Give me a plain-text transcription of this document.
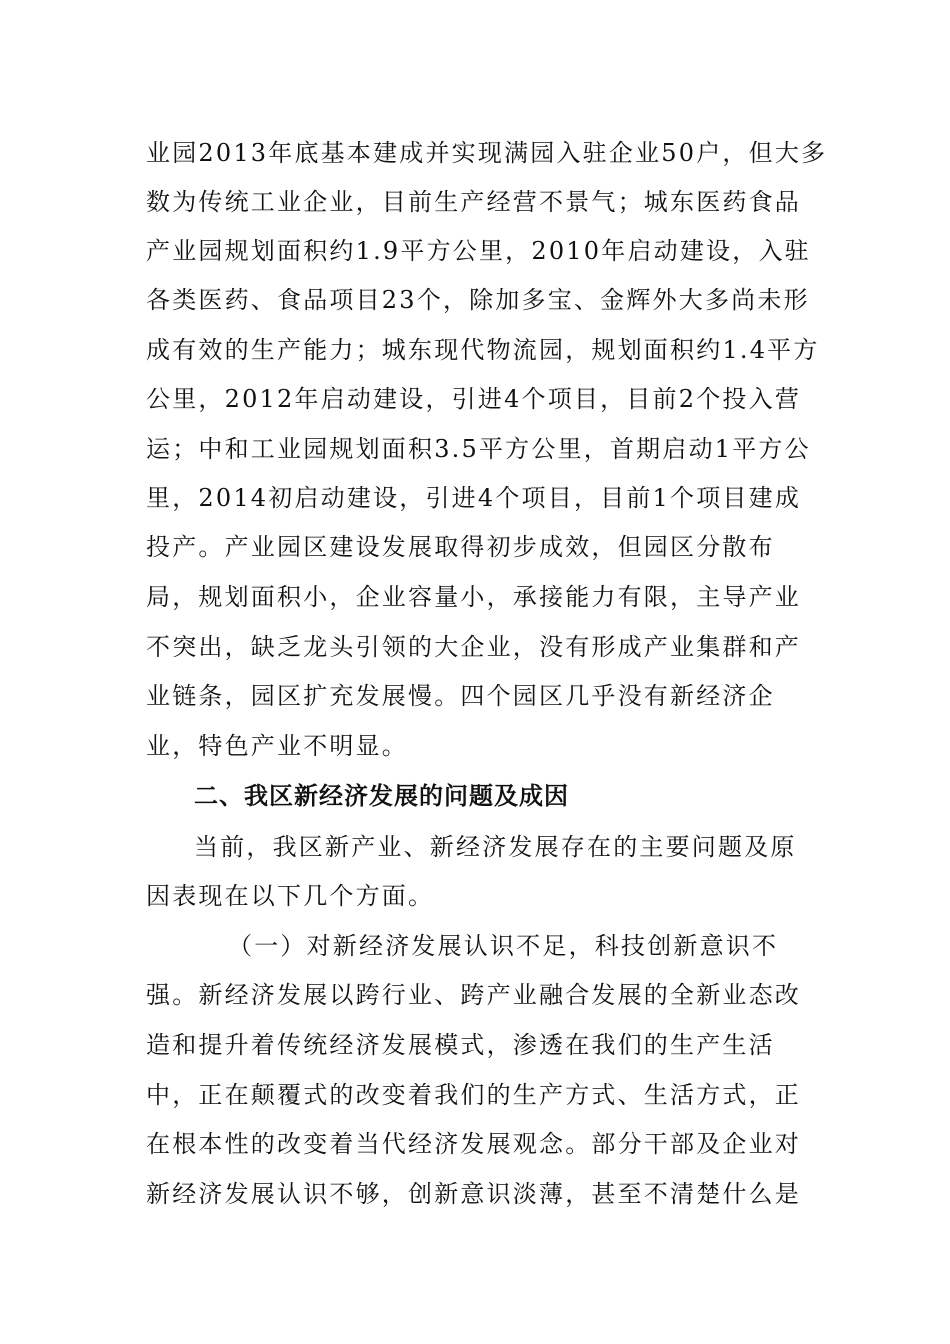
业园2013年底基本建成并实现满园入驻企业50户，但大多
数为传统工业企业，目前生产经营不景气；城东医药食品
产业园规划面积约1.9平方公里，2010年启动建设，入驻
各类医药、食品项目23个，除加多宝、金辉外大多尚未形
成有效的生产能力；城东现代物流园，规划面积约1.4平方
公里，2012年启动建设，引进4个项目，目前2个投入营
运；中和工业园规划面积3.5平方公里，首期启动1平方公
里，2014初启动建设，引进4个项目，目前1个项目建成
投产。产业园区建设发展取得初步成效，但园区分散布
局，规划面积小，企业容量小，承接能力有限，主导产业
不突出，缺乏龙头引领的大企业，没有形成产业集群和产
业链条，园区扩充发展慢。四个园区几乎没有新经济企
业，特色产业不明显。
二、我区新经济发展的问题及成因
当前，我区新产业、新经济发展存在的主要问题及原
因表现在以下几个方面。
（一）对新经济发展认识不足，科技创新意识不
强。新经济发展以跨行业、跨产业融合发展的全新业态改
造和提升着传统经济发展模式，渗透在我们的生产生活
中，正在颠覆式的改变着我们的生产方式、生活方式，正
在根本性的改变着当代经济发展观念。部分干部及企业对
新经济发展认识不够，创新意识淡薄，甚至不清楚什么是
